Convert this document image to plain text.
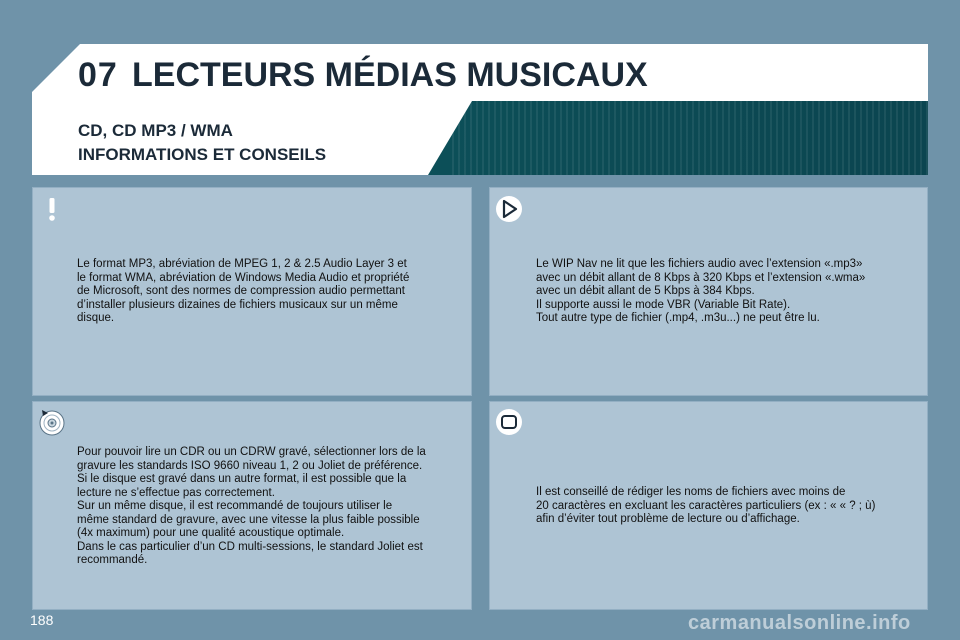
07 LECTEURS MÉDIAS MUSICAUX
CD, CD MP3 / WMA
INFORMATIONS ET CONSEILS
Le format MP3, abréviation de MPEG 1, 2 & 2.5 Audio Layer 3 et
le format WMA, abréviation de Windows Media Audio et propriété
de Microsoft, sont des normes de compression audio permettant
d’installer plusieurs dizaines de fichiers musicaux sur un même
disque.
Le WIP Nav ne lit que les fichiers audio avec l’extension «.mp3»
avec un débit allant de 8 Kbps à 320 Kbps et l’extension «.wma»
avec un débit allant de 5 Kbps à 384 Kbps.
Il supporte aussi le mode VBR (Variable Bit Rate).
Tout autre type de fichier (.mp4, .m3u...) ne peut être lu.
Pour pouvoir lire un CDR ou un CDRW gravé, sélectionner lors de la
gravure les standards ISO 9660 niveau 1, 2 ou Joliet de préférence.
Si le disque est gravé dans un autre format, il est possible que la
lecture ne s’effectue pas correctement.
Sur un même disque, il est recommandé de toujours utiliser le
même standard de gravure, avec une vitesse la plus faible possible
(4x maximum) pour une qualité acoustique optimale.
Dans le cas particulier d’un CD multi-sessions, le standard Joliet est
recommandé.
Il est conseillé de rédiger les noms de fichiers avec moins de
20 caractères en excluant les caractères particuliers (ex : « « ? ; ù)
afin d’éviter tout problème de lecture ou d’affichage.
188	carmanualsonline.info
